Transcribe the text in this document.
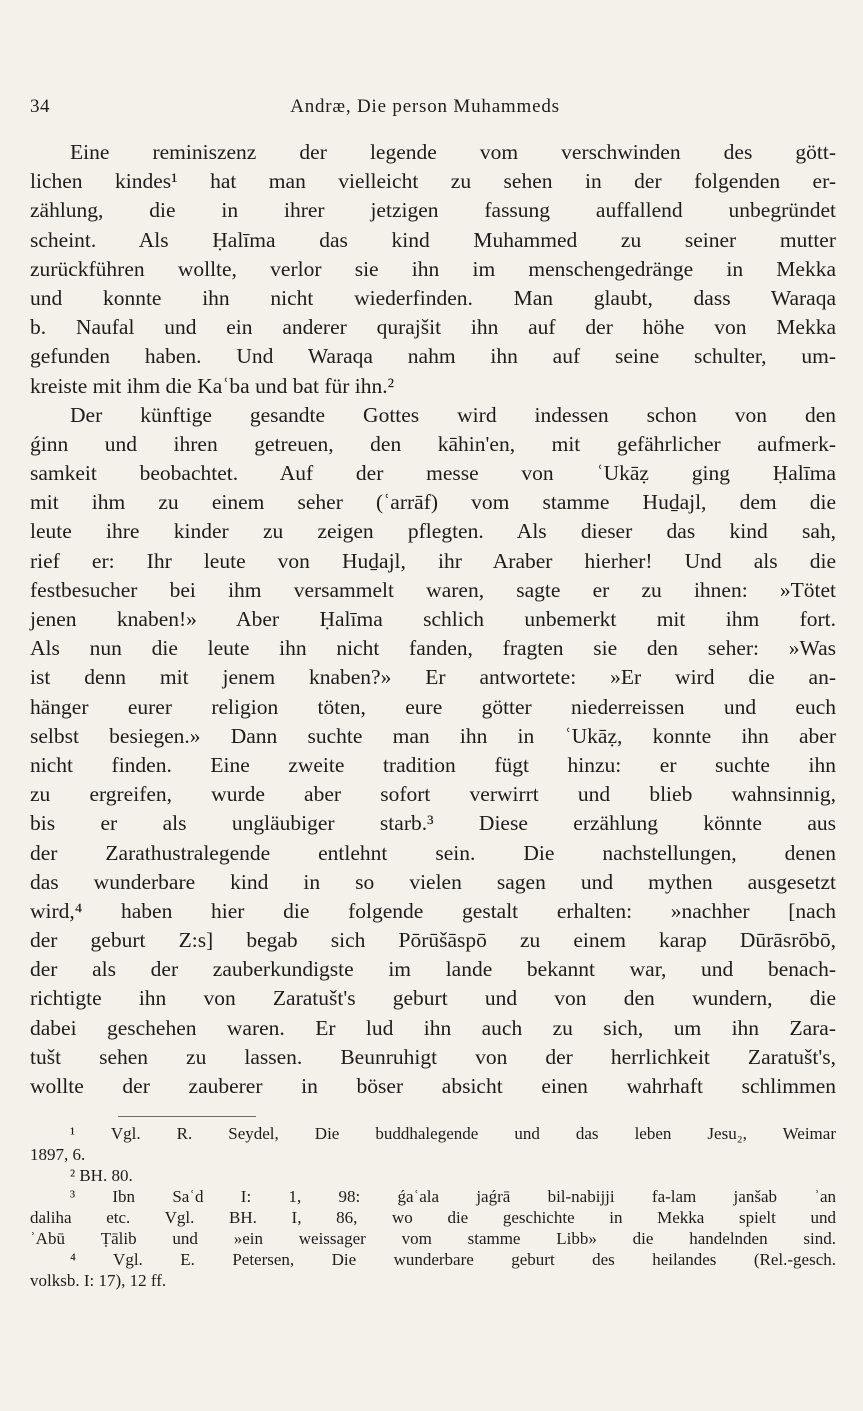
34	Andræ, Die person Muhammeds
Eine reminiszenz der legende vom verschwinden des gött-
lichen kindes¹ hat man vielleicht zu sehen in der folgenden er-
zählung, die in ihrer jetzigen fassung auffallend unbegründet
scheint. Als Ḥalīma das kind Muhammed zu seiner mutter
zurückführen wollte, verlor sie ihn im menschengedränge in Mekka
und konnte ihn nicht wiederfinden. Man glaubt, dass Waraqa
b. Naufal und ein anderer qurajšit ihn auf der höhe von Mekka
gefunden haben. Und Waraqa nahm ihn auf seine schulter, um-
kreiste mit ihm die Kaʿba und bat für ihn.²
Der künftige gesandte Gottes wird indessen schon von den
ǵinn und ihren getreuen, den kāhin'en, mit gefährlicher aufmerk-
samkeit beobachtet. Auf der messe von ʿUkāẓ ging Ḥalīma
mit ihm zu einem seher (ʿarrāf) vom stamme Huḏajl, dem die
leute ihre kinder zu zeigen pflegten. Als dieser das kind sah,
rief er: Ihr leute von Huḏajl, ihr Araber hierher! Und als die
festbesucher bei ihm versammelt waren, sagte er zu ihnen: »Tötet
jenen knaben!» Aber Ḥalīma schlich unbemerkt mit ihm fort.
Als nun die leute ihn nicht fanden, fragten sie den seher: »Was
ist denn mit jenem knaben?» Er antwortete: »Er wird die an-
hänger eurer religion töten, eure götter niederreissen und euch
selbst besiegen.» Dann suchte man ihn in ʿUkāẓ, konnte ihn aber
nicht finden. Eine zweite tradition fügt hinzu: er suchte ihn
zu ergreifen, wurde aber sofort verwirrt und blieb wahnsinnig,
bis er als ungläubiger starb.³ Diese erzählung könnte aus
der Zarathustralegende entlehnt sein. Die nachstellungen, denen
das wunderbare kind in so vielen sagen und mythen ausgesetzt
wird,⁴ haben hier die folgende gestalt erhalten: »nachher [nach
der geburt Z:s] begab sich Pōrūšāspō zu einem karap Dūrāsrōbō,
der als der zauberkundigste im lande bekannt war, und benach-
richtigte ihn von Zaratušt's geburt und von den wundern, die
dabei geschehen waren. Er lud ihn auch zu sich, um ihn Zara-
tušt sehen zu lassen. Beunruhigt von der herrlichkeit Zaratušt's,
wollte der zauberer in böser absicht einen wahrhaft schlimmen
¹ Vgl. R. Seydel, Die buddhalegende und das leben Jesu₂, Weimar
1897, 6.
² BH. 80.
³ Ibn Saʿd I: 1, 98: ǵaʿala jaǵrā bil-nabijji fa-lam janšab ʾan
daliha etc. Vgl. BH. I, 86, wo die geschichte in Mekka spielt und
ʾAbū Ṭālib und »ein weissager vom stamme Libb» die handelnden sind.
⁴ Vgl. E. Petersen, Die wunderbare geburt des heilandes (Rel.-gesch.
volksb. I: 17), 12 ff.
